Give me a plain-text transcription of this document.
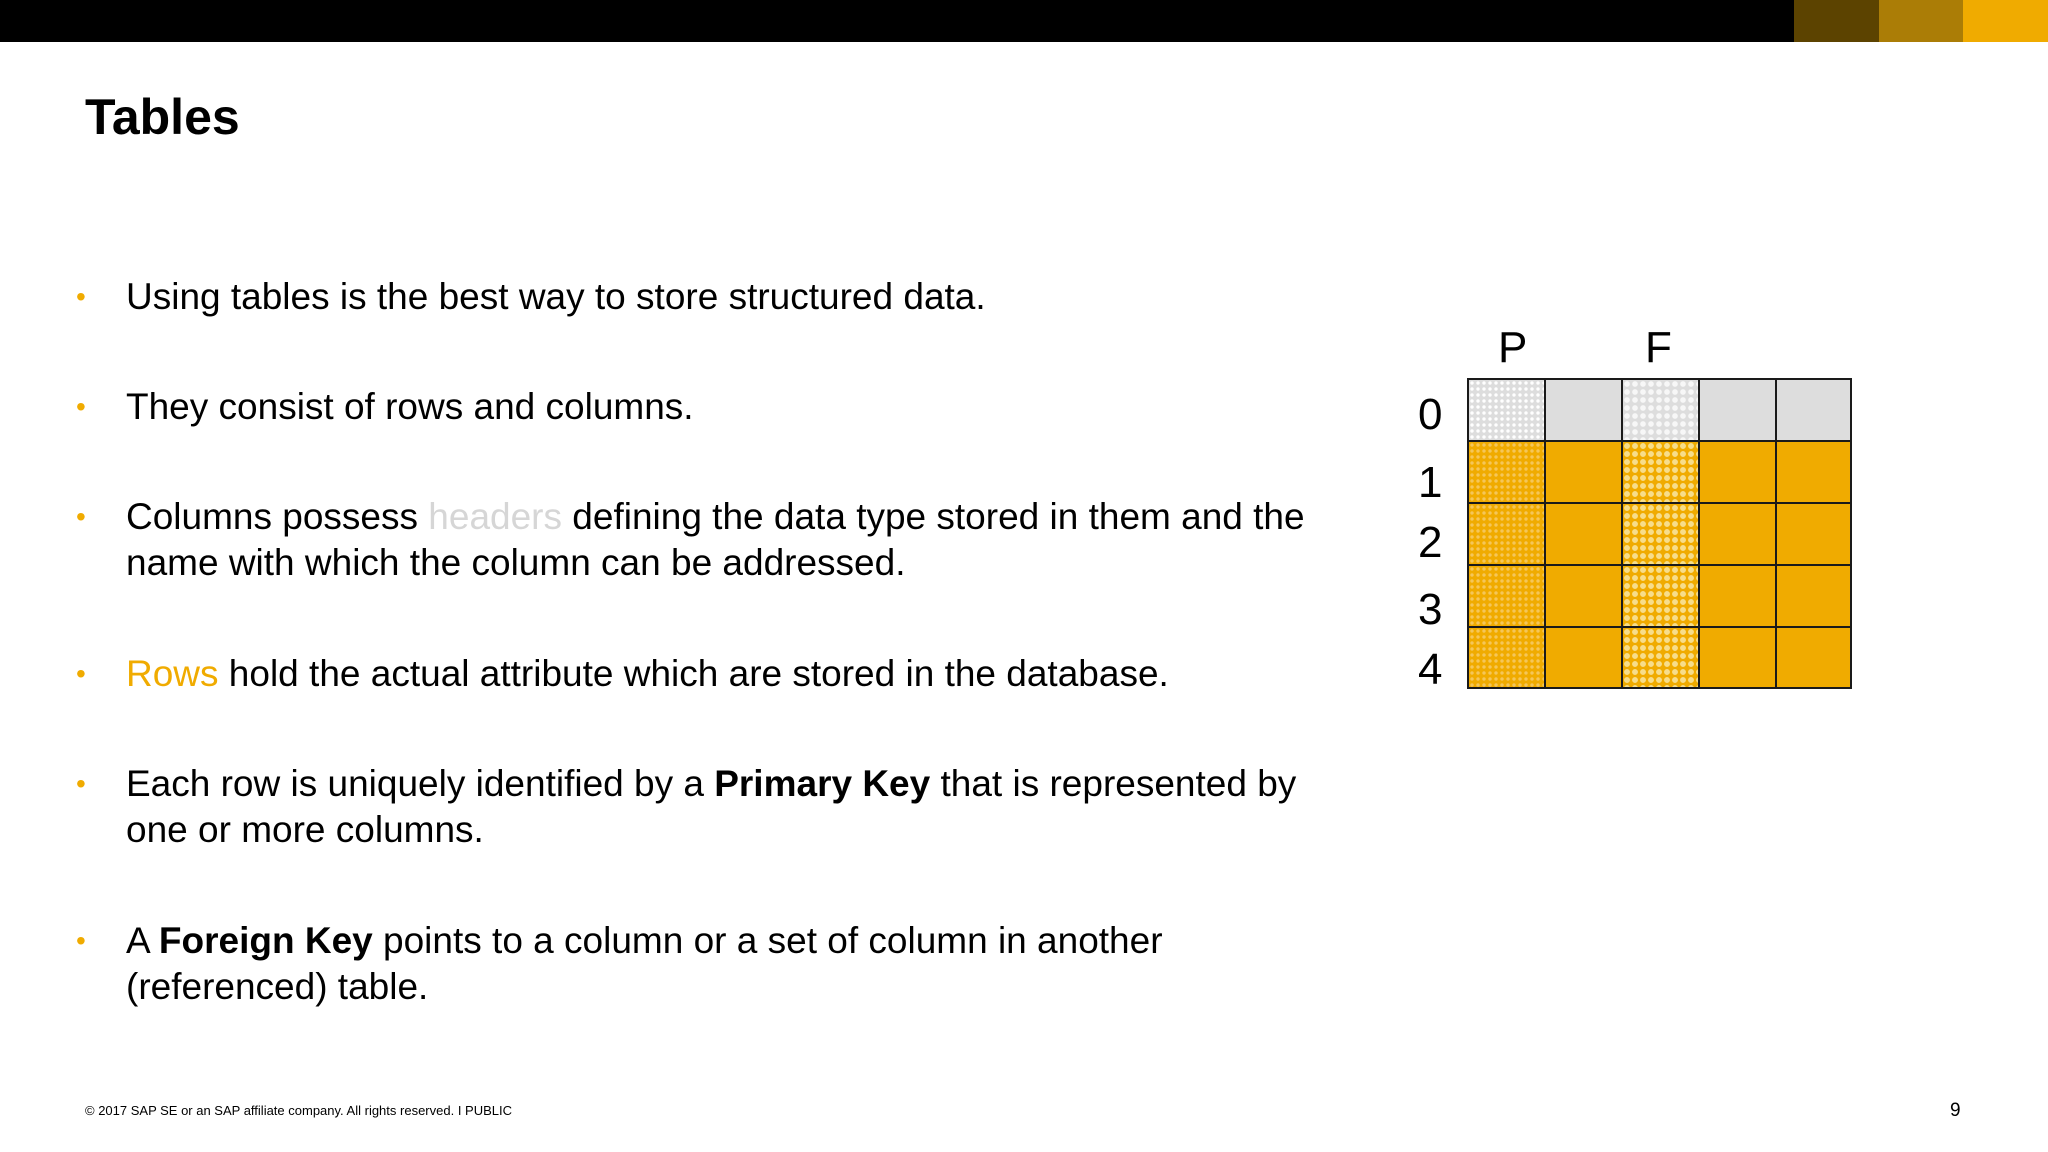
Tables
• Using tables is the best way to store structured data.
• They consist of rows and columns.
• Columns possess headers defining the data type stored in them and the name with which the column can be addressed.
• Rows hold the actual attribute which are stored in the database.
• Each row is uniquely identified by a Primary Key that is represented by one or more columns.
• A Foreign Key points to a column or a set of column in another (referenced) table.
P	F
0
1
2
3
4
© 2017 SAP SE or an SAP affiliate company. All rights reserved. I PUBLIC	9
